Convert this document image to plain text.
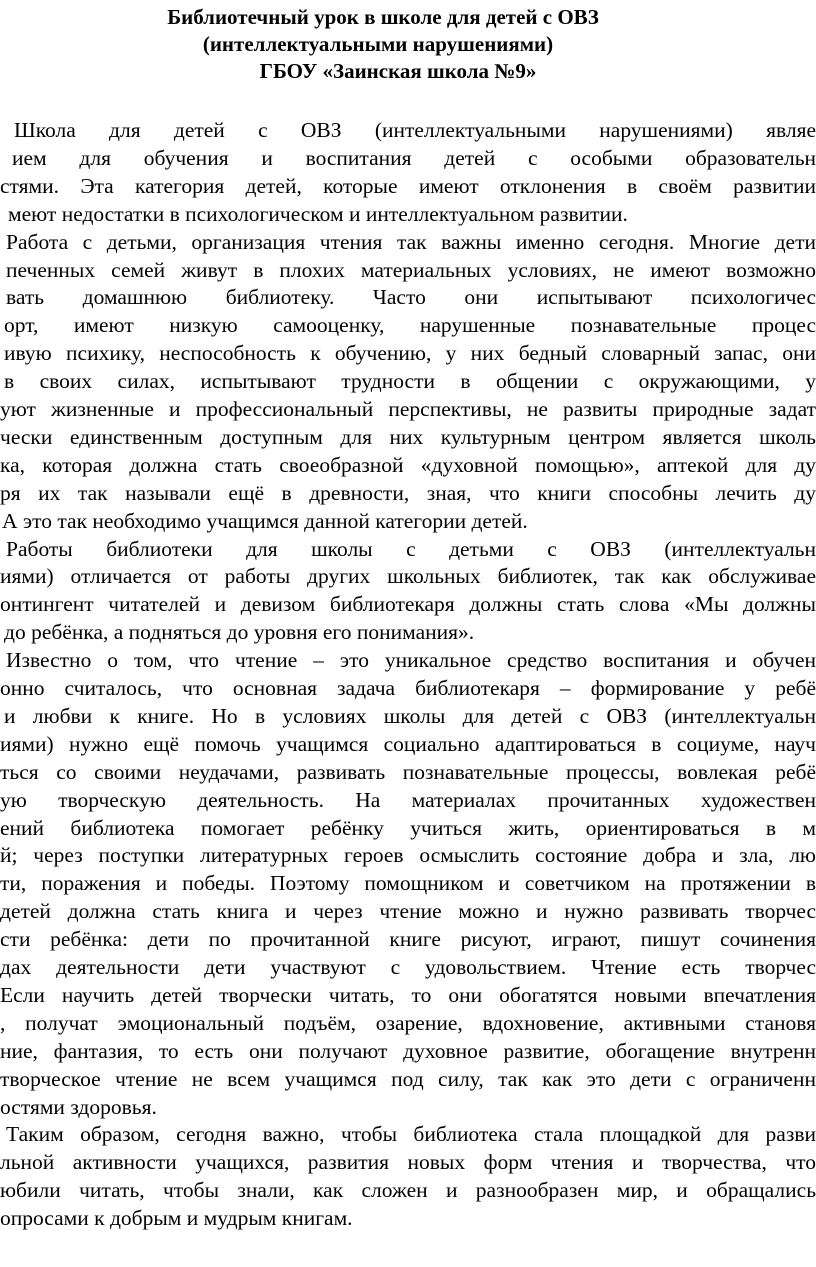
Библиотечный урок в школе для детей с ОВЗ
(интеллектуальными нарушениями)
ГБОУ «Заинская школа №9»
Школа для детей с ОВЗ (интеллектуальными нарушениями) являе
ием для обучения и воспитания детей с особыми образовательн
стями. Эта категория детей, которые имеют отклонения в своём развитии
меют недостатки в психологическом и интеллектуальном развитии.
Работа с детьми, организация чтения так важны именно сегодня. Многие дети
печенных семей живут в плохих материальных условиях, не имеют возможно
вать домашнюю библиотеку. Часто они испытывают психологичес
орт, имеют низкую самооценку, нарушенные познавательные процес
ивую психику, неспособность к обучению, у них бедный словарный запас, они
в своих силах, испытывают трудности в общении с окружающими, у
уют жизненные и профессиональный перспективы, не развиты природные задат
чески единственным доступным для них культурным центром является школь
ка, которая должна стать своеобразной «духовной помощью», аптекой для ду
ря их так называли ещё в древности, зная, что книги способны лечить ду
А это так необходимо учащимся данной категории детей.
Работы библиотеки для школы с детьми с ОВЗ (интеллектуальн
иями) отличается от работы других школьных библиотек, так как обслуживае
онтингент читателей и девизом библиотекаря должны стать слова «Мы должны
до ребёнка, а подняться до уровня его понимания».
Известно о том, что чтение – это уникальное средство воспитания и обучен
онно считалось, что основная задача библиотекаря – формирование у ребё
и любви к книге. Но в условиях школы для детей с ОВЗ (интеллектуальн
иями) нужно ещё помочь учащимся социально адаптироваться в социуме, науч
ться со своими неудачами, развивать познавательные процессы, вовлекая ребё
ую творческую деятельность. На материалах прочитанных художествен
ений библиотека помогает ребёнку учиться жить, ориентироваться в м
й; через поступки литературных героев осмыслить состояние добра и зла, лю
ти, поражения и победы. Поэтому помощником и советчиком на протяжении в
детей должна стать книга и через чтение можно и нужно развивать творчес
сти ребёнка: дети по прочитанной книге рисуют, играют, пишут сочинения
дах деятельности дети участвуют с удовольствием. Чтение есть творчес
Если научить детей творчески читать, то они обогатятся новыми впечатления
, получат эмоциональный подъём, озарение, вдохновение, активными становя
ние, фантазия, то есть они получают духовное развитие, обогащение внутренн
творческое чтение не всем учащимся под силу, так как это дети с ограниченн
остями здоровья.
Таким образом, сегодня важно, чтобы библиотека стала площадкой для разви
льной активности учащихся, развития новых форм чтения и творчества, что
юбили читать, чтобы знали, как сложен и разнообразен мир, и обращались
опросами к добрым и мудрым книгам.
